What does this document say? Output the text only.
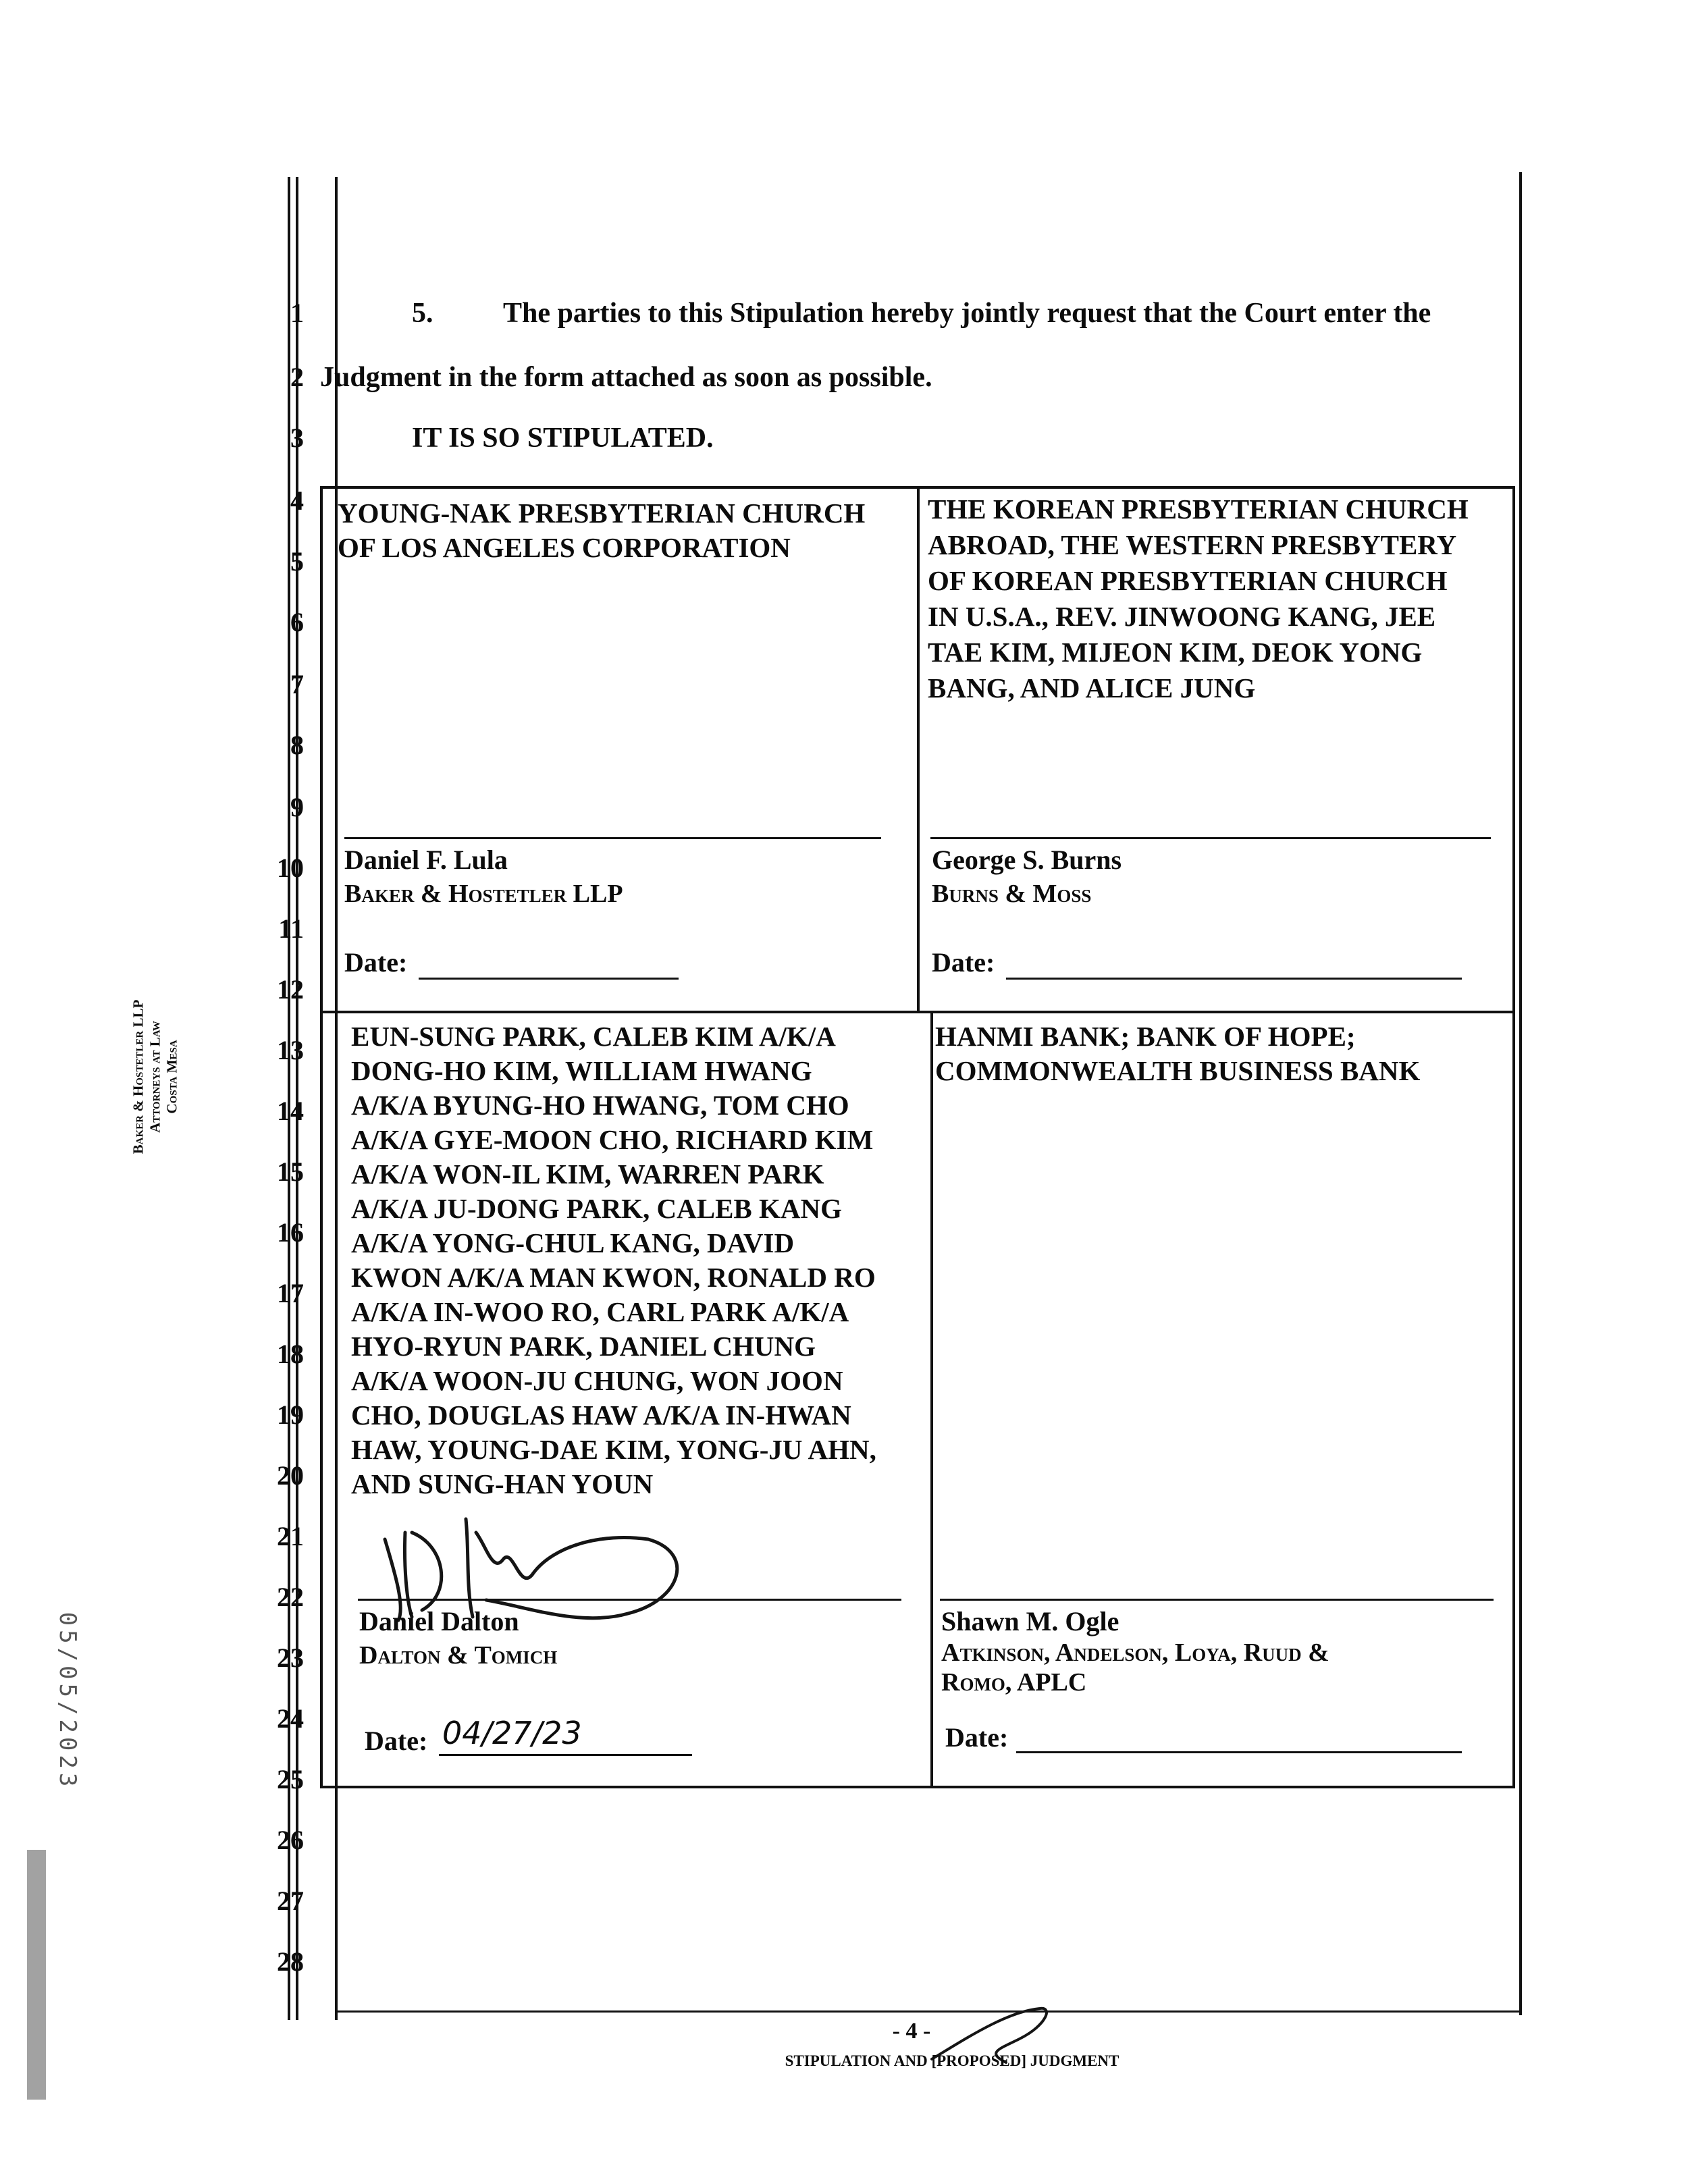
1
2
3
4
5
6
7
8
9
10
11
12
13
14
15
16
17
18
19
20
21
22
23
24
25
26
27
28
5. The parties to this Stipulation hereby jointly request that the Court enter the
Judgment in the form attached as soon as possible.
IT IS SO STIPULATED.
YOUNG-NAK PRESBYTERIAN CHURCH
OF LOS ANGELES CORPORATION
Daniel F. Lula
Baker & Hostetler LLP
Date:
THE KOREAN PRESBYTERIAN CHURCH
ABROAD, THE WESTERN PRESBYTERY
OF KOREAN PRESBYTERIAN CHURCH
IN U.S.A., REV. JINWOONG KANG, JEE
TAE KIM, MIJEON KIM, DEOK YONG
BANG, AND ALICE JUNG
George S. Burns
Burns & Moss
Date:
EUN-SUNG PARK, CALEB KIM A/K/A
DONG-HO KIM, WILLIAM HWANG
A/K/A BYUNG-HO HWANG, TOM CHO
A/K/A GYE-MOON CHO, RICHARD KIM
A/K/A WON-IL KIM, WARREN PARK
A/K/A JU-DONG PARK, CALEB KANG
A/K/A YONG-CHUL KANG, DAVID
KWON A/K/A MAN KWON, RONALD RO
A/K/A IN-WOO RO, CARL PARK A/K/A
HYO-RYUN PARK, DANIEL CHUNG
A/K/A WOON-JU CHUNG, WON JOON
CHO, DOUGLAS HAW A/K/A IN-HWAN
HAW, YOUNG-DAE KIM, YONG-JU AHN,
AND SUNG-HAN YOUN
Daniel Dalton
Dalton & Tomich
Date: 04/27/23
HANMI BANK; BANK OF HOPE;
COMMONWEALTH BUSINESS BANK
Shawn M. Ogle
Atkinson, Andelson, Loya, Ruud &
Romo, APLC
Date:
Baker & Hostetler LLP Attorneys at Law Costa Mesa
05/05/2023
- 4 -
STIPULATION AND [PROPOSED] JUDGMENT
